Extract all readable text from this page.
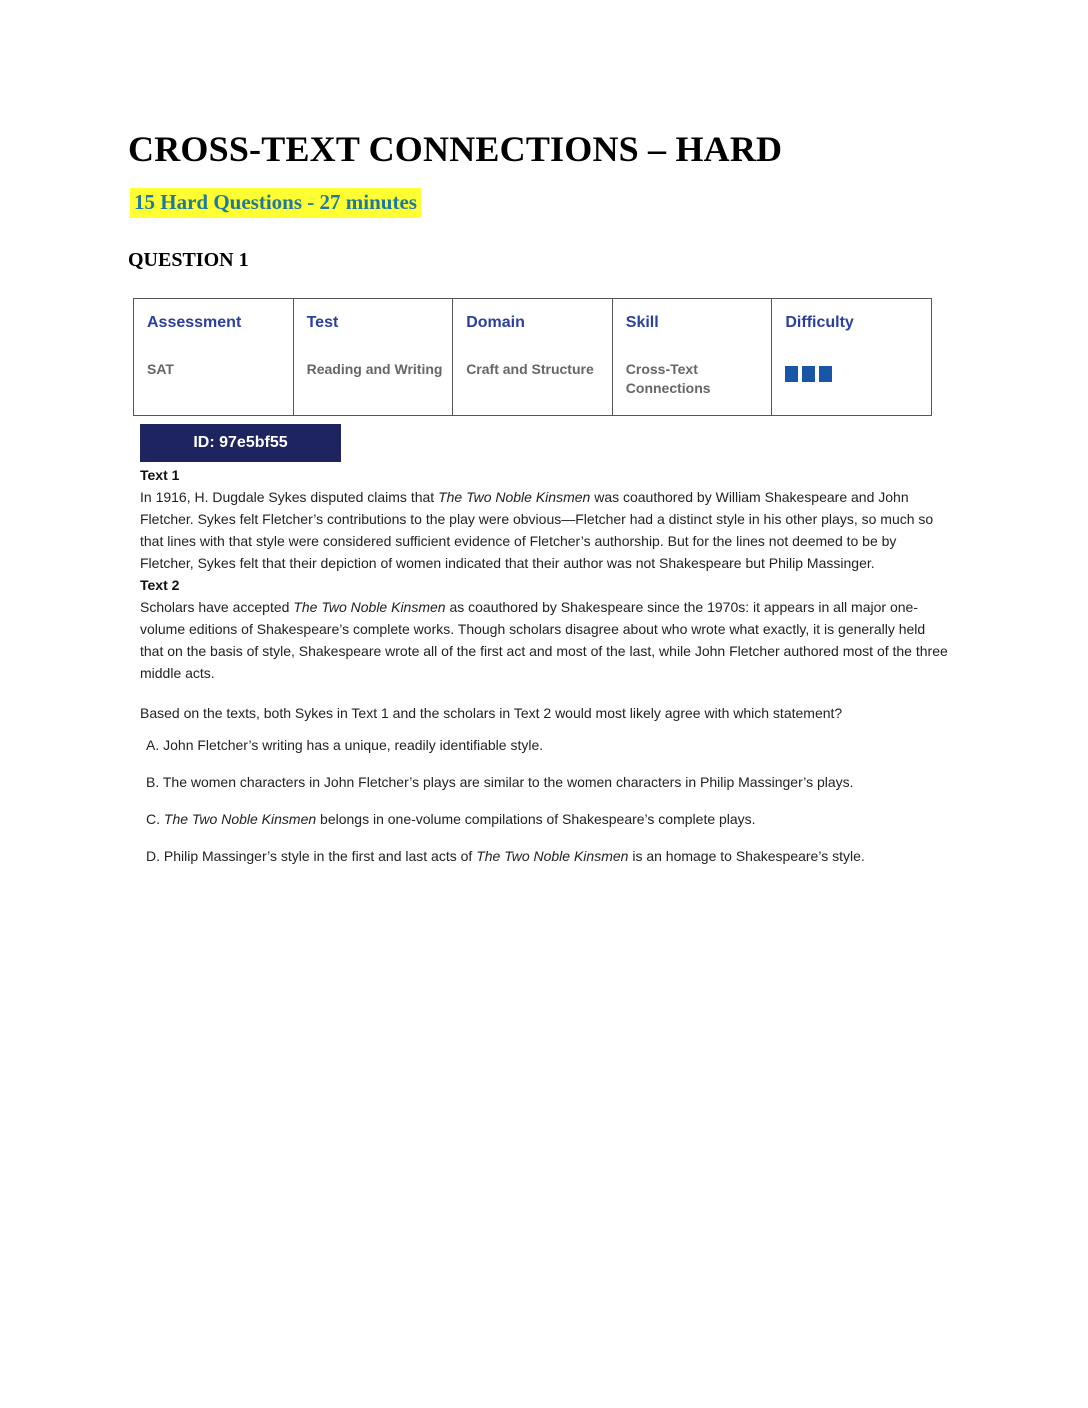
CROSS-TEXT CONNECTIONS – HARD
15 Hard Questions - 27 minutes
QUESTION 1
Assessment
SAT
Test
Reading and Writing
Domain
Craft and Structure
Skill
Cross-Text Connections
Difficulty
ID: 97e5bf55

Text 1

In 1916, H. Dugdale Sykes disputed claims that The Two Noble Kinsmen was coauthored by William Shakespeare and John Fletcher. Sykes felt Fletcher’s contributions to the play were obvious—Fletcher had a distinct style in his other plays, so much so that lines with that style were considered sufficient evidence of Fletcher’s authorship. But for the lines not deemed to be by Fletcher, Sykes felt that their depiction of women indicated that their author was not Shakespeare but Philip Massinger.

Text 2

Scholars have accepted The Two Noble Kinsmen as coauthored by Shakespeare since the 1970s: it appears in all major one-volume editions of Shakespeare’s complete works. Though scholars disagree about who wrote what exactly, it is generally held that on the basis of style, Shakespeare wrote all of the first act and most of the last, while John Fletcher authored most of the three middle acts.

Based on the texts, both Sykes in Text 1 and the scholars in Text 2 would most likely agree with which statement?

A. John Fletcher’s writing has a unique, readily identifiable style.

B. The women characters in John Fletcher’s plays are similar to the women characters in Philip Massinger’s plays.

C. The Two Noble Kinsmen belongs in one-volume compilations of Shakespeare’s complete plays.

D. Philip Massinger’s style in the first and last acts of The Two Noble Kinsmen is an homage to Shakespeare’s style.
